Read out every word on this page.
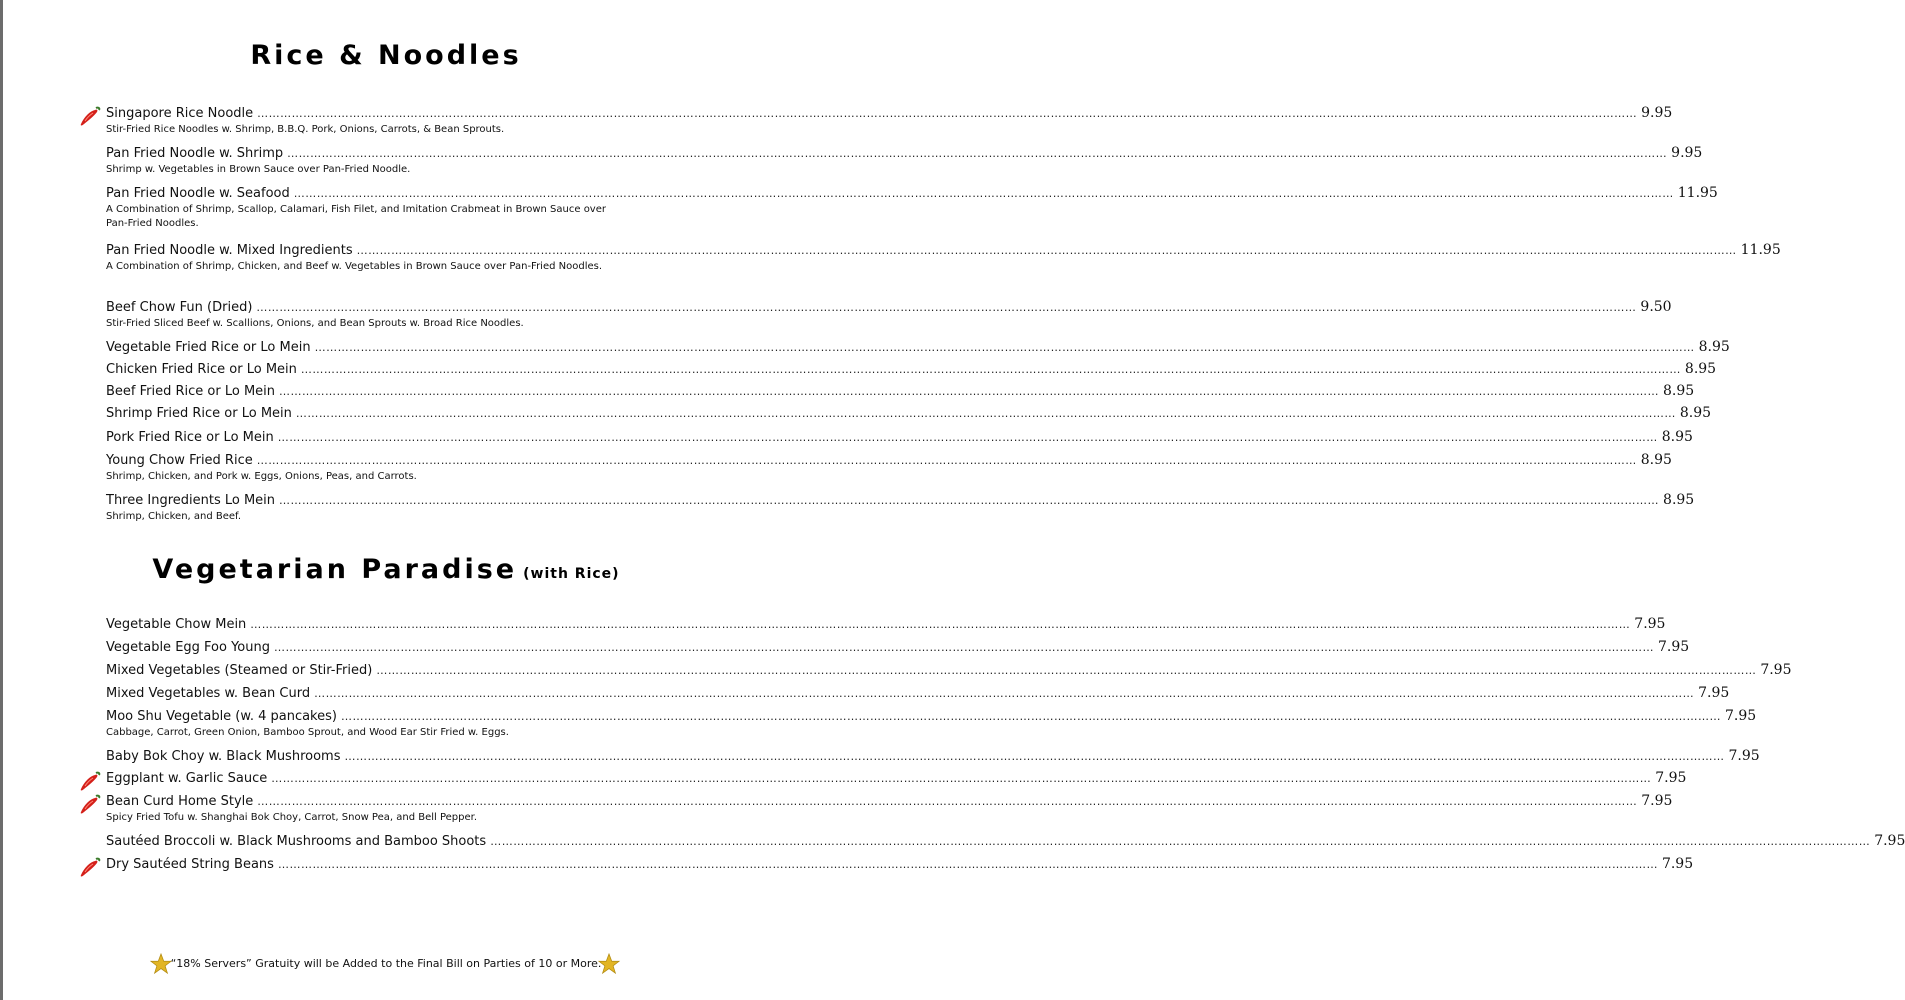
Rice & Noodles
Vegetarian Paradise (with Rice)
Singapore Rice Noodle ……………………………………………………………………………………………………………………………………………………………………………………………………………………………………………………………………………………………………………………………… 9.95
Stir-Fried Rice Noodles w. Shrimp, B.B.Q. Pork, Onions, Carrots, & Bean Sprouts.
Pan Fried Noodle w. Shrimp ……………………………………………………………………………………………………………………………………………………………………………………………………………………………………………………………………………………………………………………………… 9.95
Shrimp w. Vegetables in Brown Sauce over Pan-Fried Noodle.
Pan Fried Noodle w. Seafood ……………………………………………………………………………………………………………………………………………………………………………………………………………………………………………………………………………………………………………………………… 11.95
A Combination of Shrimp, Scallop, Calamari, Fish Filet, and Imitation Crabmeat in Brown Sauce over Pan-Fried Noodles.
Pan Fried Noodle w. Mixed Ingredients ……………………………………………………………………………………………………………………………………………………………………………………………………………………………………………………………………………………………………………………………… 11.95
A Combination of Shrimp, Chicken, and Beef w. Vegetables in Brown Sauce over Pan-Fried Noodles.
Beef Chow Fun (Dried) ……………………………………………………………………………………………………………………………………………………………………………………………………………………………………………………………………………………………………………………………… 9.50
Stir-Fried Sliced Beef w. Scallions, Onions, and Bean Sprouts w. Broad Rice Noodles.
Vegetable Fried Rice or Lo Mein ……………………………………………………………………………………………………………………………………………………………………………………………………………………………………………………………………………………………………………………………… 8.95
Chicken Fried Rice or Lo Mein ……………………………………………………………………………………………………………………………………………………………………………………………………………………………………………………………………………………………………………………………… 8.95
Beef Fried Rice or Lo Mein ……………………………………………………………………………………………………………………………………………………………………………………………………………………………………………………………………………………………………………………………… 8.95
Shrimp Fried Rice or Lo Mein ……………………………………………………………………………………………………………………………………………………………………………………………………………………………………………………………………………………………………………………………… 8.95
Pork Fried Rice or Lo Mein ……………………………………………………………………………………………………………………………………………………………………………………………………………………………………………………………………………………………………………………………… 8.95
Young Chow Fried Rice ……………………………………………………………………………………………………………………………………………………………………………………………………………………………………………………………………………………………………………………………… 8.95
Shrimp, Chicken, and Pork w. Eggs, Onions, Peas, and Carrots.
Three Ingredients Lo Mein ……………………………………………………………………………………………………………………………………………………………………………………………………………………………………………………………………………………………………………………………… 8.95
Shrimp, Chicken, and Beef.
Vegetable Chow Mein ……………………………………………………………………………………………………………………………………………………………………………………………………………………………………………………………………………………………………………………………… 7.95
Vegetable Egg Foo Young ……………………………………………………………………………………………………………………………………………………………………………………………………………………………………………………………………………………………………………………………… 7.95
Mixed Vegetables (Steamed or Stir-Fried) ……………………………………………………………………………………………………………………………………………………………………………………………………………………………………………………………………………………………………………………………… 7.95
Mixed Vegetables w. Bean Curd ……………………………………………………………………………………………………………………………………………………………………………………………………………………………………………………………………………………………………………………………… 7.95
Moo Shu Vegetable (w. 4 pancakes) ……………………………………………………………………………………………………………………………………………………………………………………………………………………………………………………………………………………………………………………………… 7.95
Cabbage, Carrot, Green Onion, Bamboo Sprout, and Wood Ear Stir Fried w. Eggs.
Baby Bok Choy w. Black Mushrooms ……………………………………………………………………………………………………………………………………………………………………………………………………………………………………………………………………………………………………………………………… 7.95
Eggplant w. Garlic Sauce ……………………………………………………………………………………………………………………………………………………………………………………………………………………………………………………………………………………………………………………………… 7.95
Bean Curd Home Style ……………………………………………………………………………………………………………………………………………………………………………………………………………………………………………………………………………………………………………………………… 7.95
Spicy Fried Tofu w. Shanghai Bok Choy, Carrot, Snow Pea, and Bell Pepper.
Sautéed Broccoli w. Black Mushrooms and Bamboo Shoots ……………………………………………………………………………………………………………………………………………………………………………………………………………………………………………………………………………………………………………………………… 7.95
Dry Sautéed String Beans ……………………………………………………………………………………………………………………………………………………………………………………………………………………………………………………………………………………………………………………………… 7.95
“18% Servers” Gratuity will be Added to the Final Bill on Parties of 10 or More.
